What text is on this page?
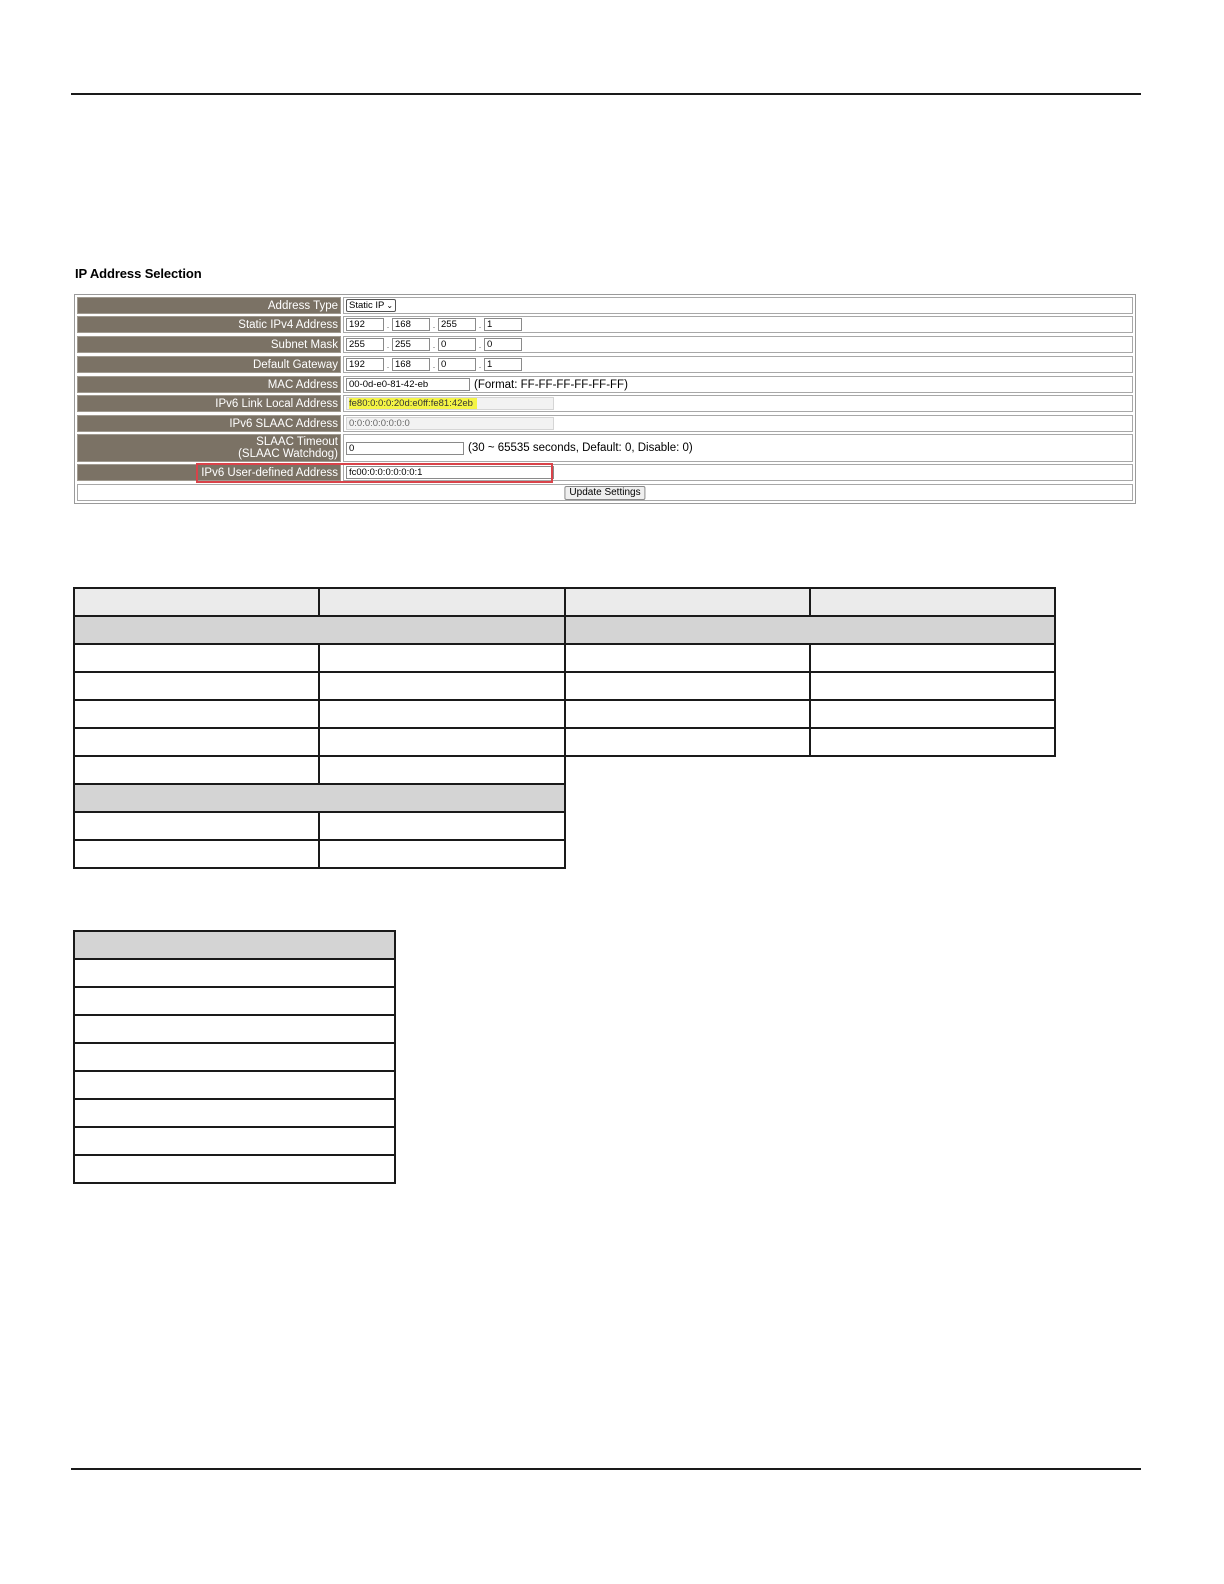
IP Address Selection
Address Type	Static IP ⌄
Static IPv4 Address	192	. 168	. 255	. 1
Subnet Mask	255	. 255	. 0	. 0
Default Gateway	192	. 168	. 0	. 1
MAC Address	00-0d-e0-81-42-eb	(Format: FF-FF-FF-FF-FF-FF)
IPv6 Link Local Address	fe80:0:0:0:20d:e0ff:fe81:42eb
IPv6 SLAAC Address	0:0:0:0:0:0:0:0
SLAAC Timeout
(SLAAC Watchdog)	0	(30 ~ 65535 seconds, Default: 0, Disable: 0)
IPv6 User-defined Address	fc00:0:0:0:0:0:0:1
Update Settings
